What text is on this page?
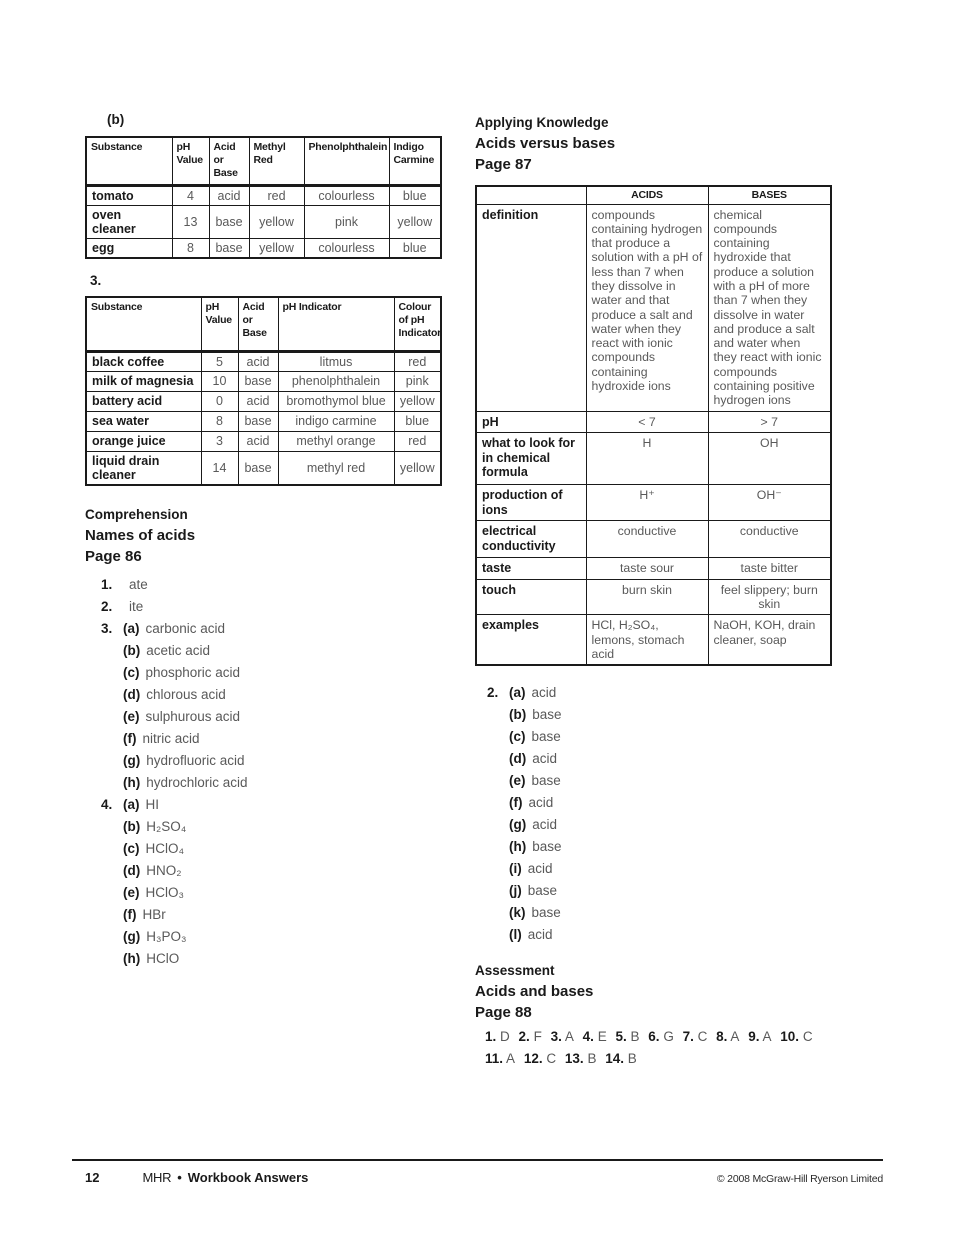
(b)
Substance	pH Value	Acid or Base	Methyl Red	Phenolphthalein	Indigo Carmine
tomato	4	acid	red	colourless	blue
oven cleaner	13	base	yellow	pink	yellow
egg	8	base	yellow	colourless	blue
3.
Substance	pH Value	Acid or Base	pH Indicator	Colour of pH Indicator
black coffee	5	acid	litmus	red
milk of magnesia	10	base	phenolphthalein	pink
battery acid	0	acid	bromothymol blue	yellow
sea water	8	base	indigo carmine	blue
orange juice	3	acid	methyl orange	red
liquid drain cleaner	14	base	methyl red	yellow
Comprehension
Names of acids
Page 86
1.	ate
2.	ite
3. (a) carbonic acid
(b) acetic acid
(c) phosphoric acid
(d) chlorous acid
(e) sulphurous acid
(f) nitric acid
(g) hydrofluoric acid
(h) hydrochloric acid
4. (a) HI
(b) H₂SO₄
(c) HClO₄
(d) HNO₂
(e) HClO₃
(f) HBr
(g) H₃PO₃
(h) HClO
Applying Knowledge
Acids versus bases
Page 87
	ACIDS	BASES
definition	compounds containing hydrogen that produce a solution with a pH of less than 7 when they dissolve in water and that produce a salt and water when they react with ionic compounds containing hydroxide ions	chemical compounds containing hydroxide that produce a solution with a pH of more than 7 when they dissolve in water and produce a salt and water when they react with ionic compounds containing positive hydrogen ions
pH	< 7	> 7
what to look for in chemical formula	H	OH
production of ions	H⁺	OH⁻
electrical conductivity	conductive	conductive
taste	taste sour	taste bitter
touch	burn skin	feel slippery; burn skin
examples	HCl, H₂SO₄, lemons, stomach acid	NaOH, KOH, drain cleaner, soap
2. (a) acid
(b) base
(c) base
(d) acid
(e) base
(f) acid
(g) acid
(h) base
(i) acid
(j) base
(k) base
(l) acid
Assessment
Acids and bases
Page 88
1. D 2. F 3. A 4. E 5. B 6. G 7. C 8. A 9. A 10. C 11. A 12. C 13. B 14. B
12	MHR • Workbook Answers	© 2008 McGraw-Hill Ryerson Limited
